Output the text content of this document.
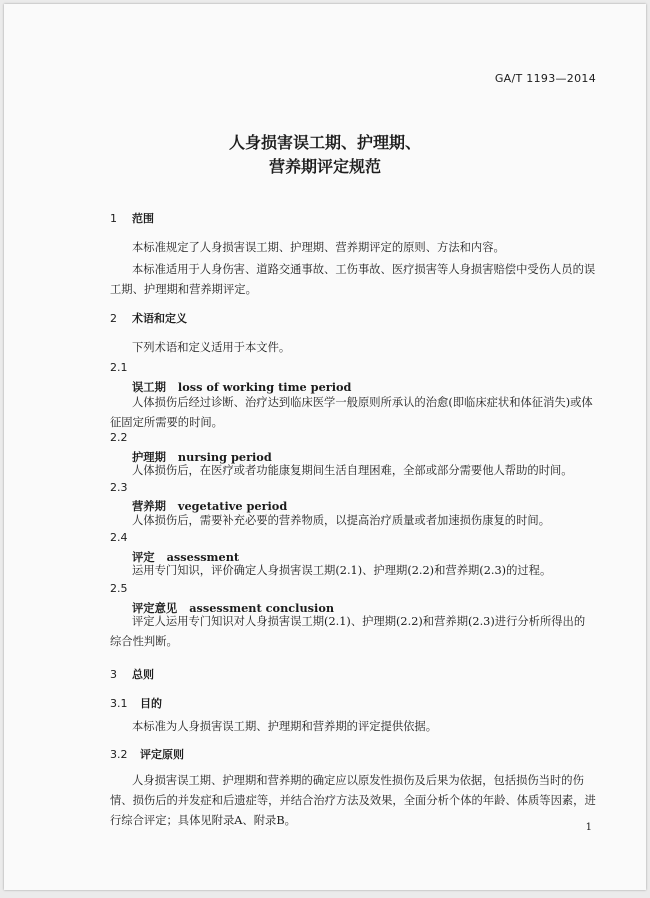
GA/T 1193—2014
人身损害误工期、护理期、
营养期评定规范
1 范围

本标准规定了人身损害误工期、护理期、营养期评定的原则、方法和内容。

本标准适用于人身伤害、道路交通事故、工伤事故、医疗损害等人身损害赔偿中受伤人员的误工期、护理期和营养期评定。

2 术语和定义

下列术语和定义适用于本文件。

2.1
误工期 loss of working time period

人体损伤后经过诊断、治疗达到临床医学一般原则所承认的治愈(即临床症状和体征消失)或体征固定所需要的时间。

2.2
护理期 nursing period

人体损伤后，在医疗或者功能康复期间生活自理困难，全部或部分需要他人帮助的时间。

2.3
营养期 vegetative period

人体损伤后，需要补充必要的营养物质，以提高治疗质量或者加速损伤康复的时间。

2.4
评定 assessment

运用专门知识，评价确定人身损害误工期(2.1)、护理期(2.2)和营养期(2.3)的过程。

2.5
评定意见 assessment conclusion

评定人运用专门知识对人身损害误工期(2.1)、护理期(2.2)和营养期(2.3)进行分析所得出的综合性判断。

3 总则
3.1 目的

本标准为人身损害误工期、护理期和营养期的评定提供依据。

3.2 评定原则

人身损害误工期、护理期和营养期的确定应以原发性损伤及后果为依据，包括损伤当时的伤情、损伤后的并发症和后遗症等，并结合治疗方法及效果，全面分析个体的年龄、体质等因素，进行综合评定；具体见附录A、附录B。

1
